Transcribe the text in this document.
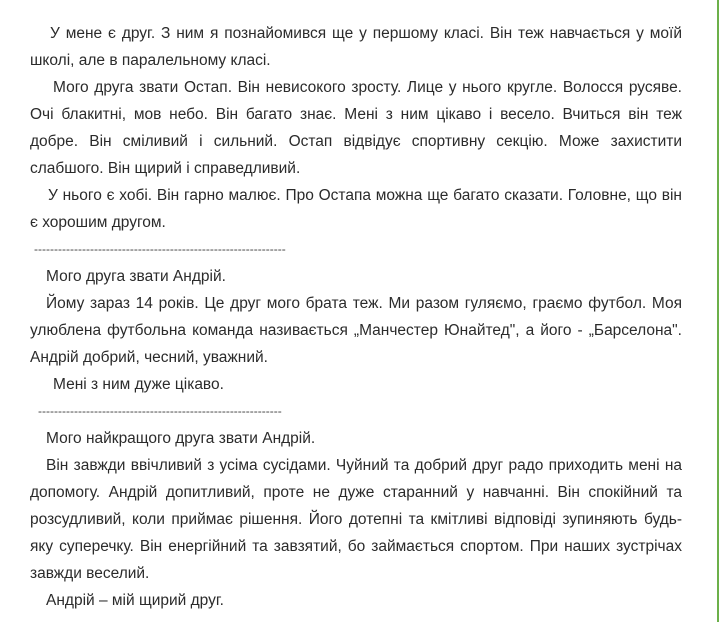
У мене є друг. З ним я познайомився ще у першому класі. Він теж навчається у моїй школі, але в паралельному класі.

Мого друга звати Остап. Він невисокого зросту. Лице у нього кругле. Волосся русяве. Очі блакитні, мов небо. Він багато знає. Мені з ним цікаво і весело. Вчиться він теж добре. Він сміливий і сильний. Остап відвідує спортивну секцію. Може захистити слабшого. Він щирий і справедливий.

У нього є хобі. Він гарно малює. Про Остапа можна ще багато сказати. Головне, що він є хорошим другом.

---------------------------------------------------------------

Мого друга звати Андрій.

Йому зараз 14 років. Це друг мого брата теж. Ми разом гуляємо, граємо футбол. Моя улюблена футбольна команда називається „Манчестер Юнайтед", а його - „Барселона". Андрій добрий, чесний, уважний.

Мені з ним дуже цікаво.

-------------------------------------------------------------

Мого найкращого друга звати Андрій.

Він завжди ввічливий з усіма сусідами. Чуйний та добрий друг радо приходить мені на допомогу. Андрій допитливий, проте не дуже старанний у навчанні. Він спокійний та розсудливий, коли приймає рішення. Його дотепні та кмітливі відповіді зупиняють будь-яку суперечку. Він енергійний та завзятий, бо займається спортом. При наших зустрічах завжди веселий.

Андрій – мій щирий друг.
